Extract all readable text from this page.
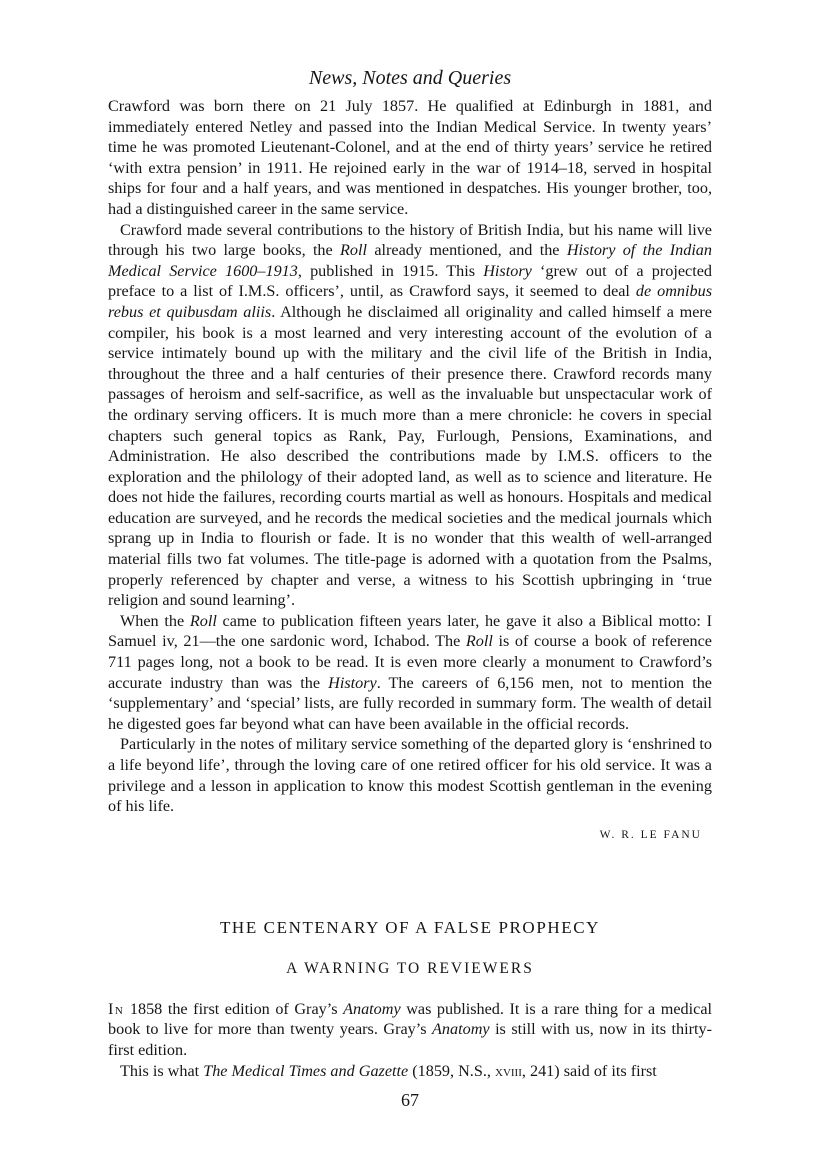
News, Notes and Queries

Crawford was born there on 21 July 1857. He qualified at Edinburgh in 1881, and immediately entered Netley and passed into the Indian Medical Service. In twenty years’ time he was promoted Lieutenant-Colonel, and at the end of thirty years’ service he retired ‘with extra pension’ in 1911. He rejoined early in the war of 1914–18, served in hospital ships for four and a half years, and was mentioned in despatches. His younger brother, too, had a distinguished career in the same service.

Crawford made several contributions to the history of British India, but his name will live through his two large books, the Roll already mentioned, and the History of the Indian Medical Service 1600–1913, published in 1915. This History ‘grew out of a projected preface to a list of I.M.S. officers’, until, as Crawford says, it seemed to deal de omnibus rebus et quibusdam aliis. Although he disclaimed all originality and called himself a mere compiler, his book is a most learned and very interesting account of the evolution of a service intimately bound up with the military and the civil life of the British in India, throughout the three and a half centuries of their presence there. Crawford records many passages of heroism and self-sacrifice, as well as the invaluable but unspectacular work of the ordinary serving officers. It is much more than a mere chronicle: he covers in special chapters such general topics as Rank, Pay, Furlough, Pensions, Examinations, and Administration. He also described the contributions made by I.M.S. officers to the exploration and the philology of their adopted land, as well as to science and literature. He does not hide the failures, recording courts martial as well as honours. Hospitals and medical education are surveyed, and he records the medical societies and the medical journals which sprang up in India to flourish or fade. It is no wonder that this wealth of well-arranged material fills two fat volumes. The title-page is adorned with a quotation from the Psalms, properly referenced by chapter and verse, a witness to his Scottish upbringing in ‘true religion and sound learning’.

When the Roll came to publication fifteen years later, he gave it also a Biblical motto: I Samuel iv, 21—the one sardonic word, Ichabod. The Roll is of course a book of reference 711 pages long, not a book to be read. It is even more clearly a monument to Crawford’s accurate industry than was the History. The careers of 6,156 men, not to mention the ‘supplementary’ and ‘special’ lists, are fully recorded in summary form. The wealth of detail he digested goes far beyond what can have been available in the official records.

Particularly in the notes of military service something of the departed glory is ‘enshrined to a life beyond life’, through the loving care of one retired officer for his old service. It was a privilege and a lesson in application to know this modest Scottish gentleman in the evening of his life.

W. R. LE FANU
THE CENTENARY OF A FALSE PROPHECY
A WARNING TO REVIEWERS

In 1858 the first edition of Gray’s Anatomy was published. It is a rare thing for a medical book to live for more than twenty years. Gray’s Anatomy is still with us, now in its thirty-first edition.

This is what The Medical Times and Gazette (1859, N.S., xviii, 241) said of its first

67
